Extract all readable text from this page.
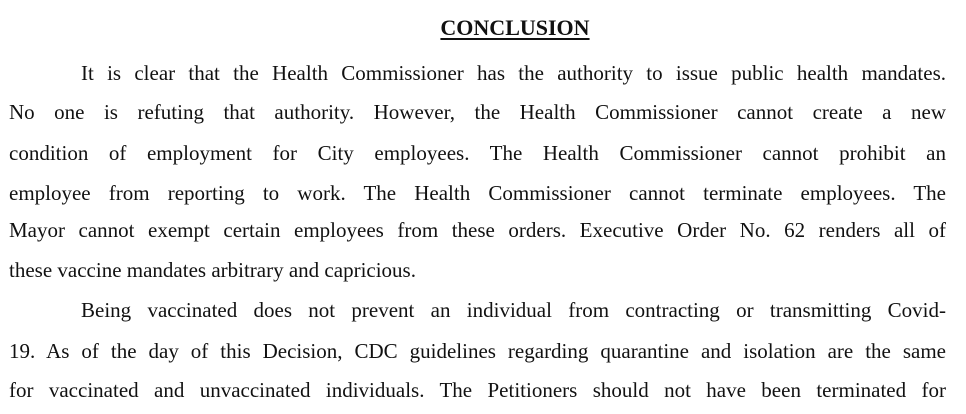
CONCLUSION
It is clear that the Health Commissioner has the authority to issue public health mandates.
No one is refuting that authority. However, the Health Commissioner cannot create a new
condition of employment for City employees. The Health Commissioner cannot prohibit an
employee from reporting to work. The Health Commissioner cannot terminate employees. The
Mayor cannot exempt certain employees from these orders. Executive Order No. 62 renders all of
these vaccine mandates arbitrary and capricious.
Being vaccinated does not prevent an individual from contracting or transmitting Covid-
19. As of the day of this Decision, CDC guidelines regarding quarantine and isolation are the same
for vaccinated and unvaccinated individuals. The Petitioners should not have been terminated for
